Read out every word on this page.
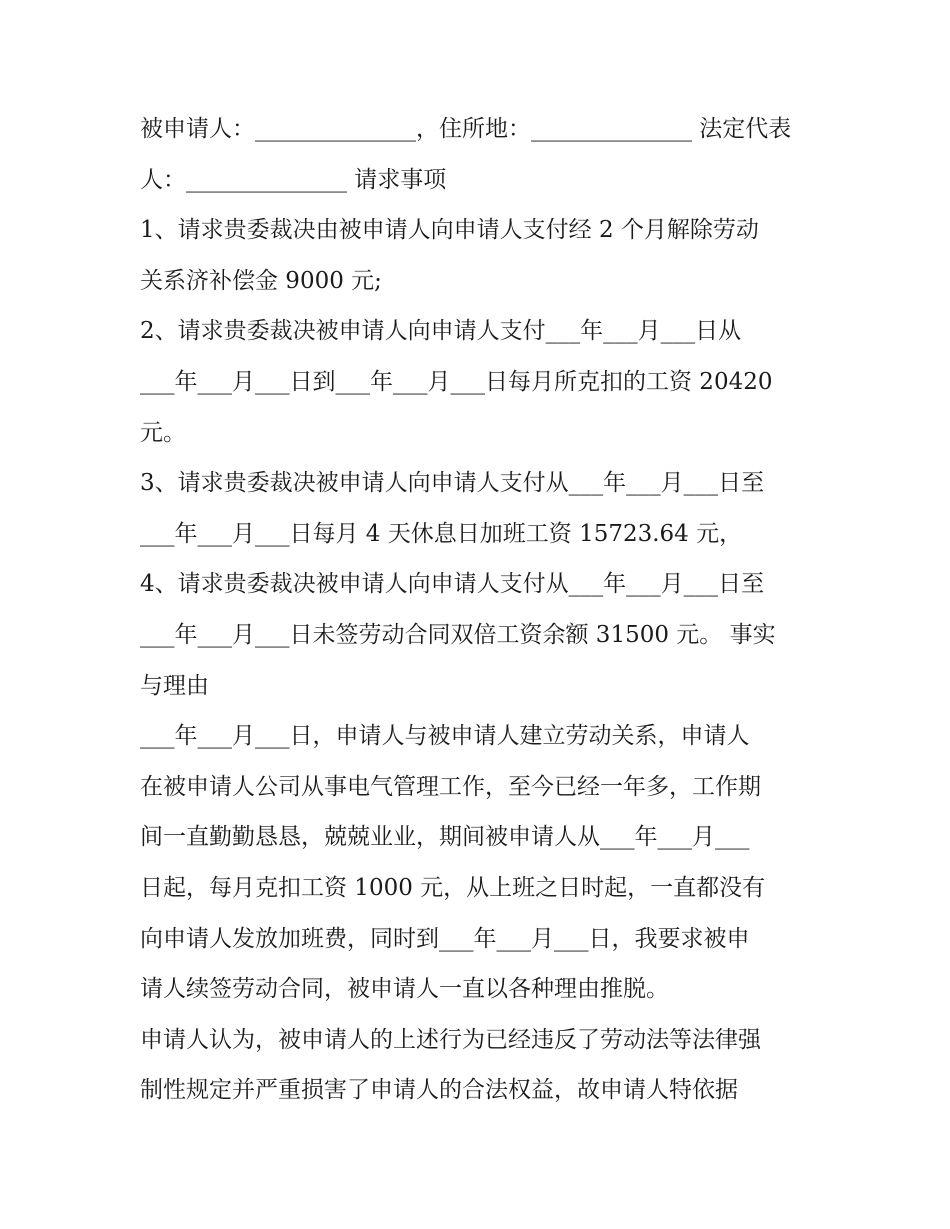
被申请人：______________，住所地：______________ 法定代表
人：______________ 请求事项
1、请求贵委裁决由被申请人向申请人支付经 2 个月解除劳动
关系济补偿金 9000 元;
2、请求贵委裁决被申请人向申请人支付___年___月___日从
___年___月___日到___年___月___日每月所克扣的工资 20420
元。
3、请求贵委裁决被申请人向申请人支付从___年___月___日至
___年___月___日每月 4 天休息日加班工资 15723.64 元，
4、请求贵委裁决被申请人向申请人支付从___年___月___日至
___年___月___日未签劳动合同双倍工资余额 31500 元。 事实
与理由
___年___月___日，申请人与被申请人建立劳动关系，申请人
在被申请人公司从事电气管理工作，至今已经一年多，工作期
间一直勤勤恳恳，兢兢业业，期间被申请人从___年___月___
日起，每月克扣工资 1000 元，从上班之日时起，一直都没有
向申请人发放加班费，同时到___年___月___日，我要求被申
请人续签劳动合同，被申请人一直以各种理由推脱。
申请人认为，被申请人的上述行为已经违反了劳动法等法律强
制性规定并严重损害了申请人的合法权益，故申请人特依据
